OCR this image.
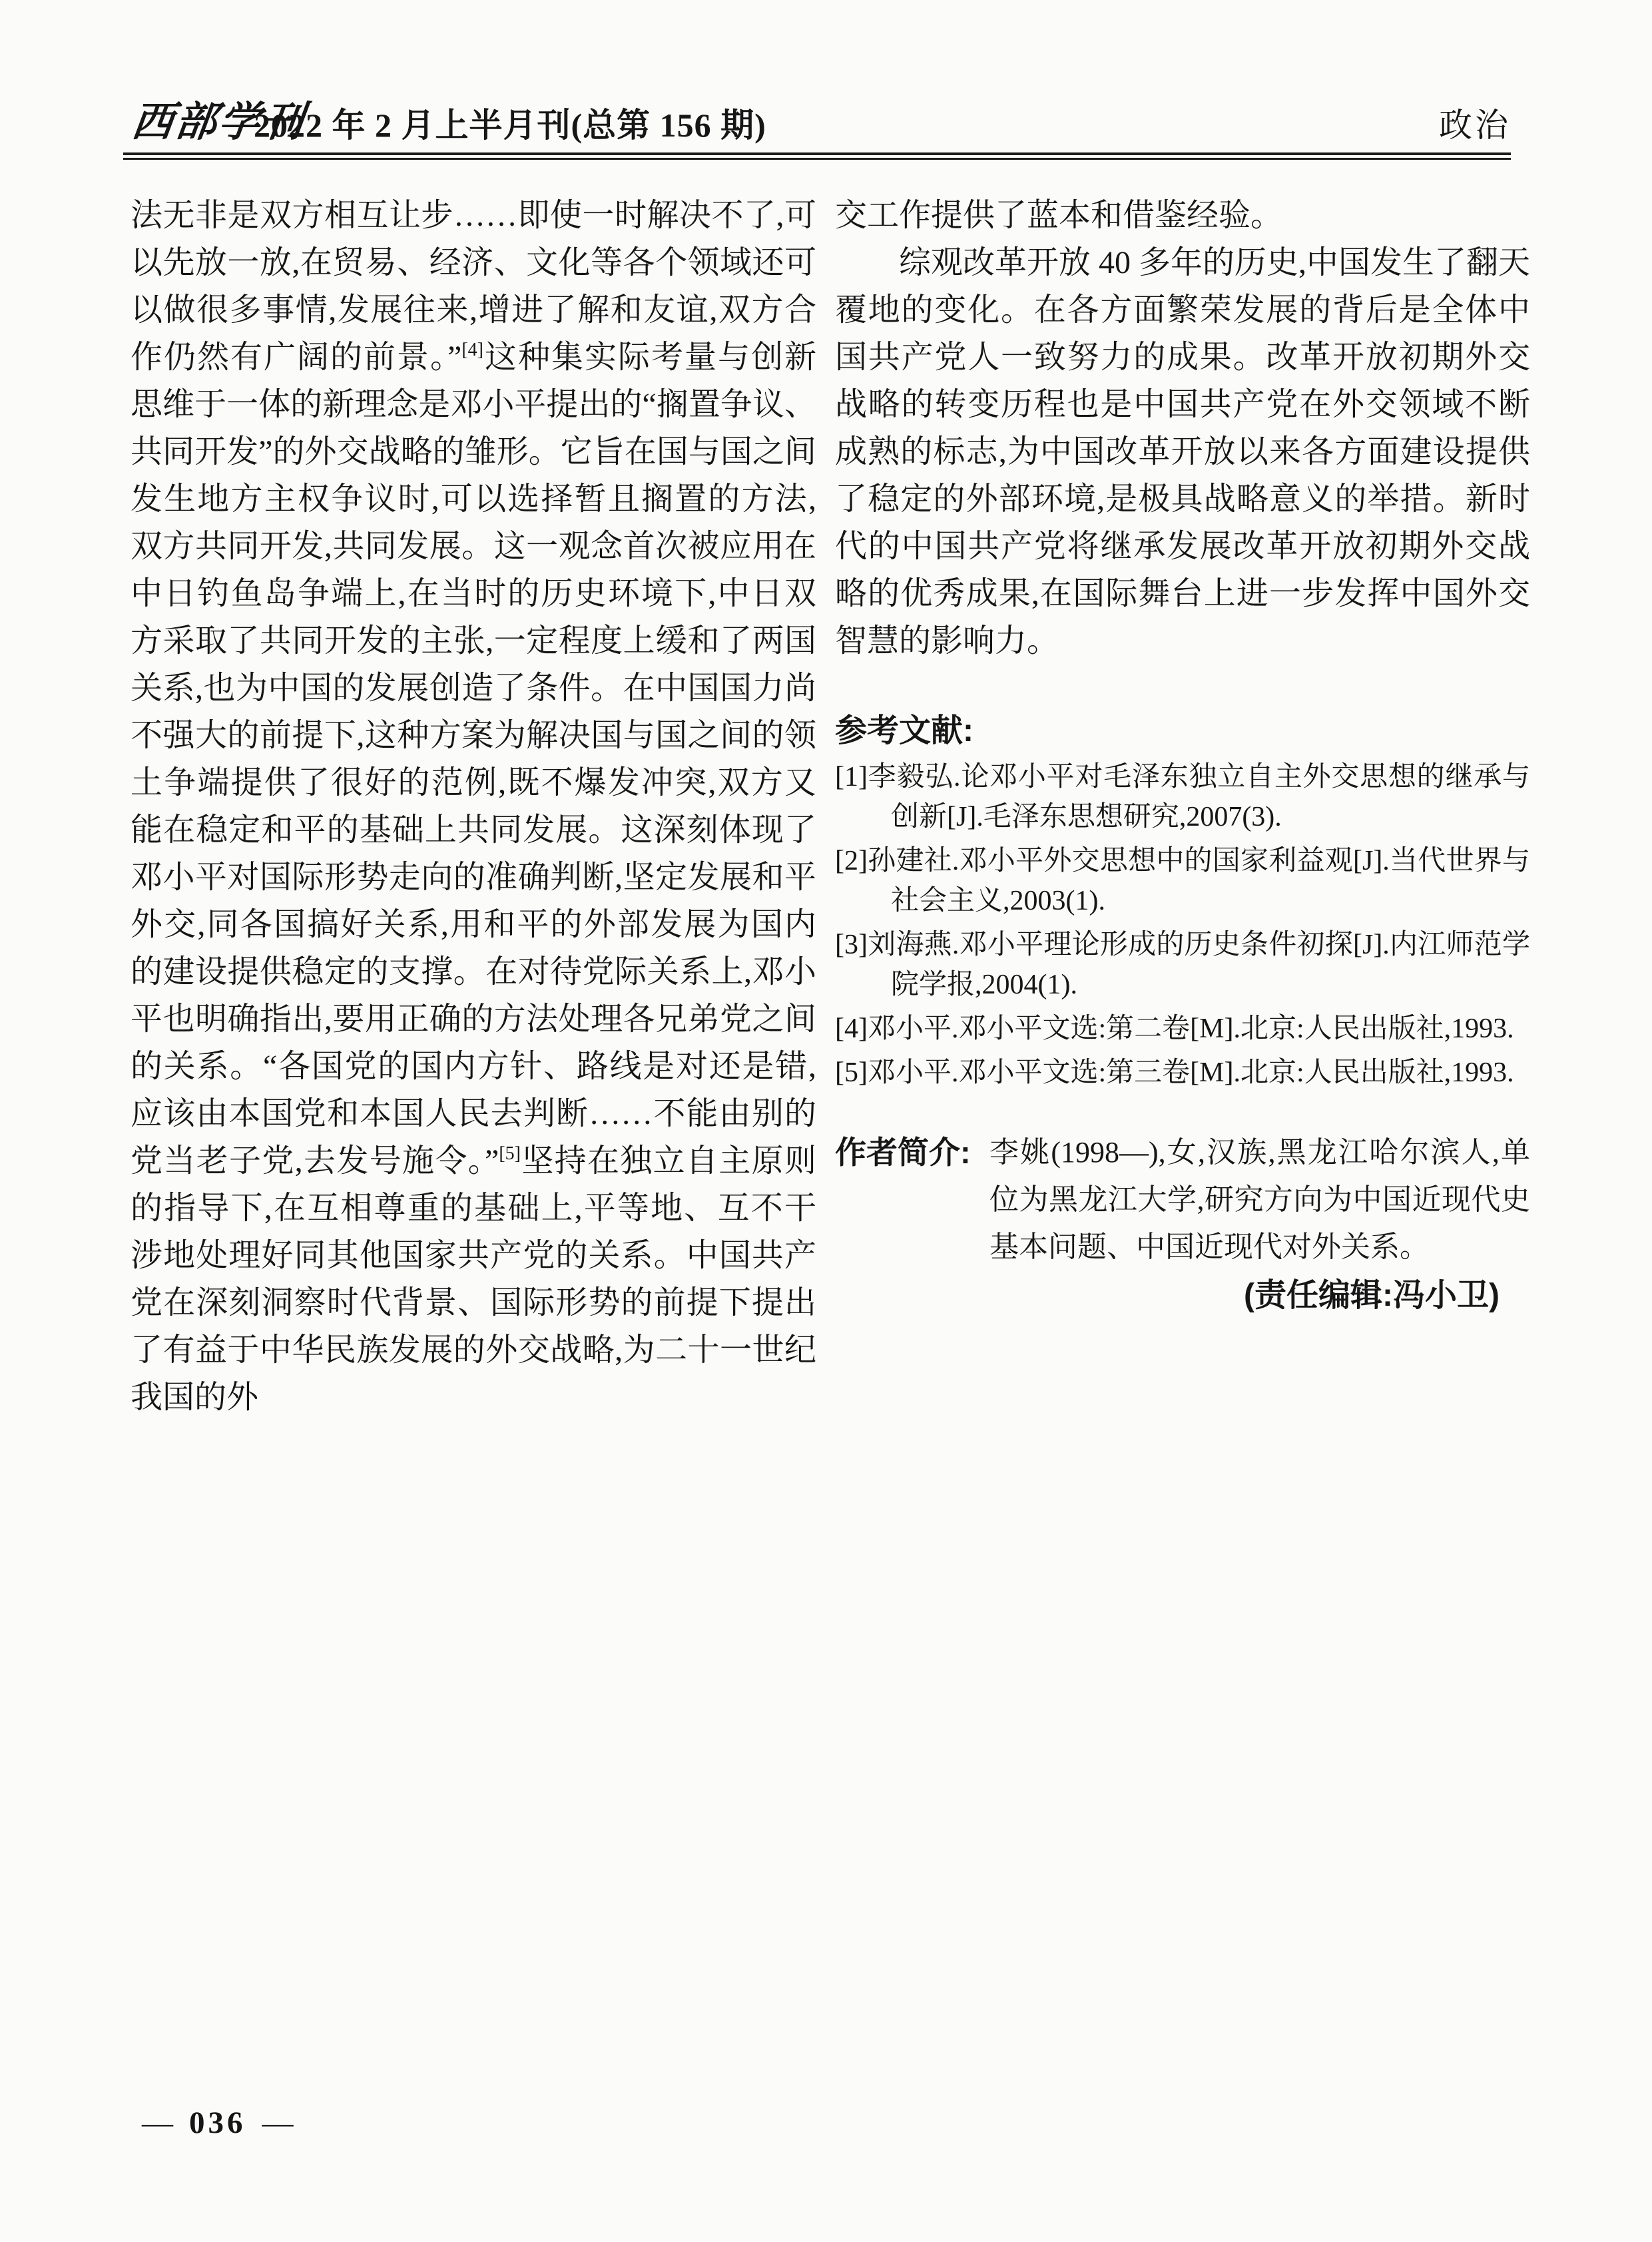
西部学刊
2022 年 2 月上半月刊(总第 156 期)	政治

法无非是双方相互让步……即使一时解决不了,可以先放一放,在贸易、经济、文化等各个领域还可以做很多事情,发展往来,增进了解和友谊,双方合作仍然有广阔的前景。”[4]这种集实际考量与创新思维于一体的新理念是邓小平提出的“搁置争议、共同开发”的外交战略的雏形。它旨在国与国之间发生地方主权争议时,可以选择暂且搁置的方法,双方共同开发,共同发展。这一观念首次被应用在中日钓鱼岛争端上,在当时的历史环境下,中日双方采取了共同开发的主张,一定程度上缓和了两国关系,也为中国的发展创造了条件。在中国国力尚不强大的前提下,这种方案为解决国与国之间的领土争端提供了很好的范例,既不爆发冲突,双方又能在稳定和平的基础上共同发展。这深刻体现了邓小平对国际形势走向的准确判断,坚定发展和平外交,同各国搞好关系,用和平的外部发展为国内的建设提供稳定的支撑。在对待党际关系上,邓小平也明确指出,要用正确的方法处理各兄弟党之间的关系。“各国党的国内方针、路线是对还是错,应该由本国党和本国人民去判断……不能由别的党当老子党,去发号施令。”[5]坚持在独立自主原则的指导下,在互相尊重的基础上,平等地、互不干涉地处理好同其他国家共产党的关系。中国共产党在深刻洞察时代背景、国际形势的前提下提出了有益于中华民族发展的外交战略,为二十一世纪我国的外

交工作提供了蓝本和借鉴经验。

综观改革开放 40 多年的历史,中国发生了翻天覆地的变化。在各方面繁荣发展的背后是全体中国共产党人一致努力的成果。改革开放初期外交战略的转变历程也是中国共产党在外交领域不断成熟的标志,为中国改革开放以来各方面建设提供了稳定的外部环境,是极具战略意义的举措。新时代的中国共产党将继承发展改革开放初期外交战略的优秀成果,在国际舞台上进一步发挥中国外交智慧的影响力。

参考文献:
[1]李毅弘.论邓小平对毛泽东独立自主外交思想的继承与创新[J].毛泽东思想研究,2007(3).
[2]孙建社.邓小平外交思想中的国家利益观[J].当代世界与社会主义,2003(1).
[3]刘海燕.邓小平理论形成的历史条件初探[J].内江师范学院学报,2004(1).
[4]邓小平.邓小平文选:第二卷[M].北京:人民出版社,1993.
[5]邓小平.邓小平文选:第三卷[M].北京:人民出版社,1993.
作者简介: 李姚(1998—),女,汉族,黑龙江哈尔滨人,单位为黑龙江大学,研究方向为中国近现代史基本问题、中国近现代对外关系。
(责任编辑:冯小卫)
— 036 —
